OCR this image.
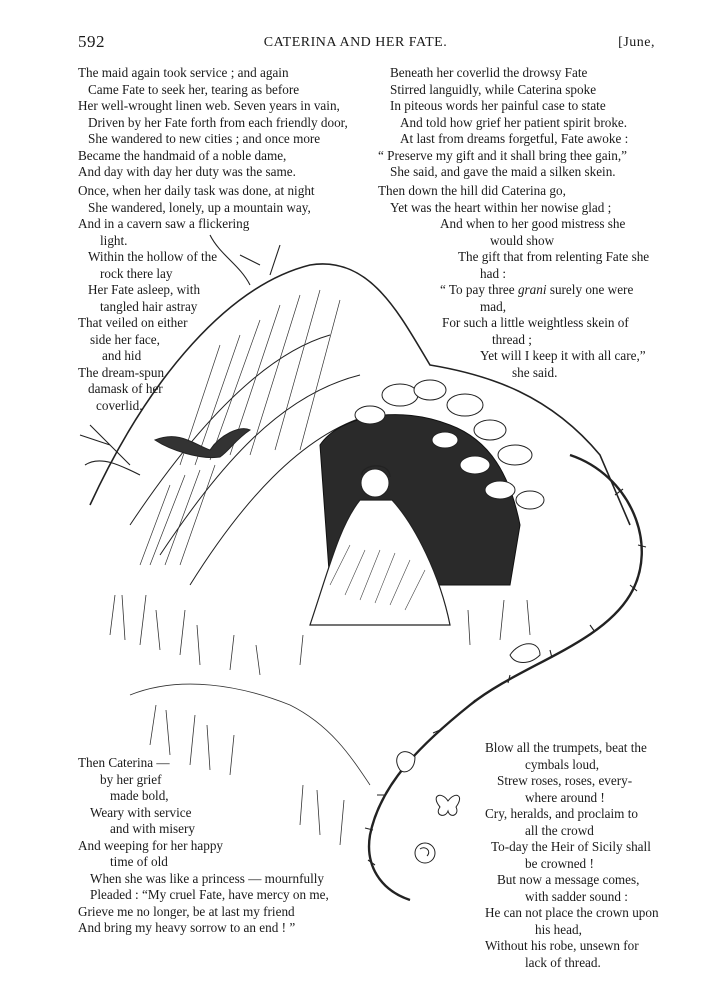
592	CATERINA AND HER FATE.	[June,
The maid again took service ; and again
Came Fate to seek her, tearing as before
Her well-wrought linen web. Seven years in vain,
Driven by her Fate forth from each friendly door,
She wandered to new cities ; and once more
Became the handmaid of a noble dame,
And day with day her duty was the same.
Once, when her daily task was done, at night
She wandered, lonely, up a mountain way,
And in a cavern saw a flickering
light.
Within the hollow of the
rock there lay
Her Fate asleep, with
tangled hair astray
That veiled on either
side her face,
and hid
The dream-spun
damask of her
coverlid.
Then Caterina —
by her grief
made bold,
Weary with service
and with misery
And weeping for her happy
time of old
When she was like a princess — mournfully
Pleaded : “My cruel Fate, have mercy on me,
Grieve me no longer, be at last my friend
And bring my heavy sorrow to an end ! ”
Beneath her coverlid the drowsy Fate
Stirred languidly, while Caterina spoke
In piteous words her painful case to state
And told how grief her patient spirit broke.
At last from dreams forgetful, Fate awoke :
“ Preserve my gift and it shall bring thee gain,”
She said, and gave the maid a silken skein.
Then down the hill did Caterina go,
Yet was the heart within her nowise glad ;
And when to her good mistress she
would show
The gift that from relenting Fate she
had :
“ To pay three grani surely one were
mad,
For such a little weightless skein of
thread ;
Yet will I keep it with all care,”
she said.
Blow all the trumpets, beat the
cymbals loud,
Strew roses, roses, every-
where around !
Cry, heralds, and proclaim to
all the crowd
To-day the Heir of Sicily shall
be crowned !
But now a message comes,
with sadder sound :
He can not place the crown upon
his head,
Without his robe, unsewn for
lack of thread.
